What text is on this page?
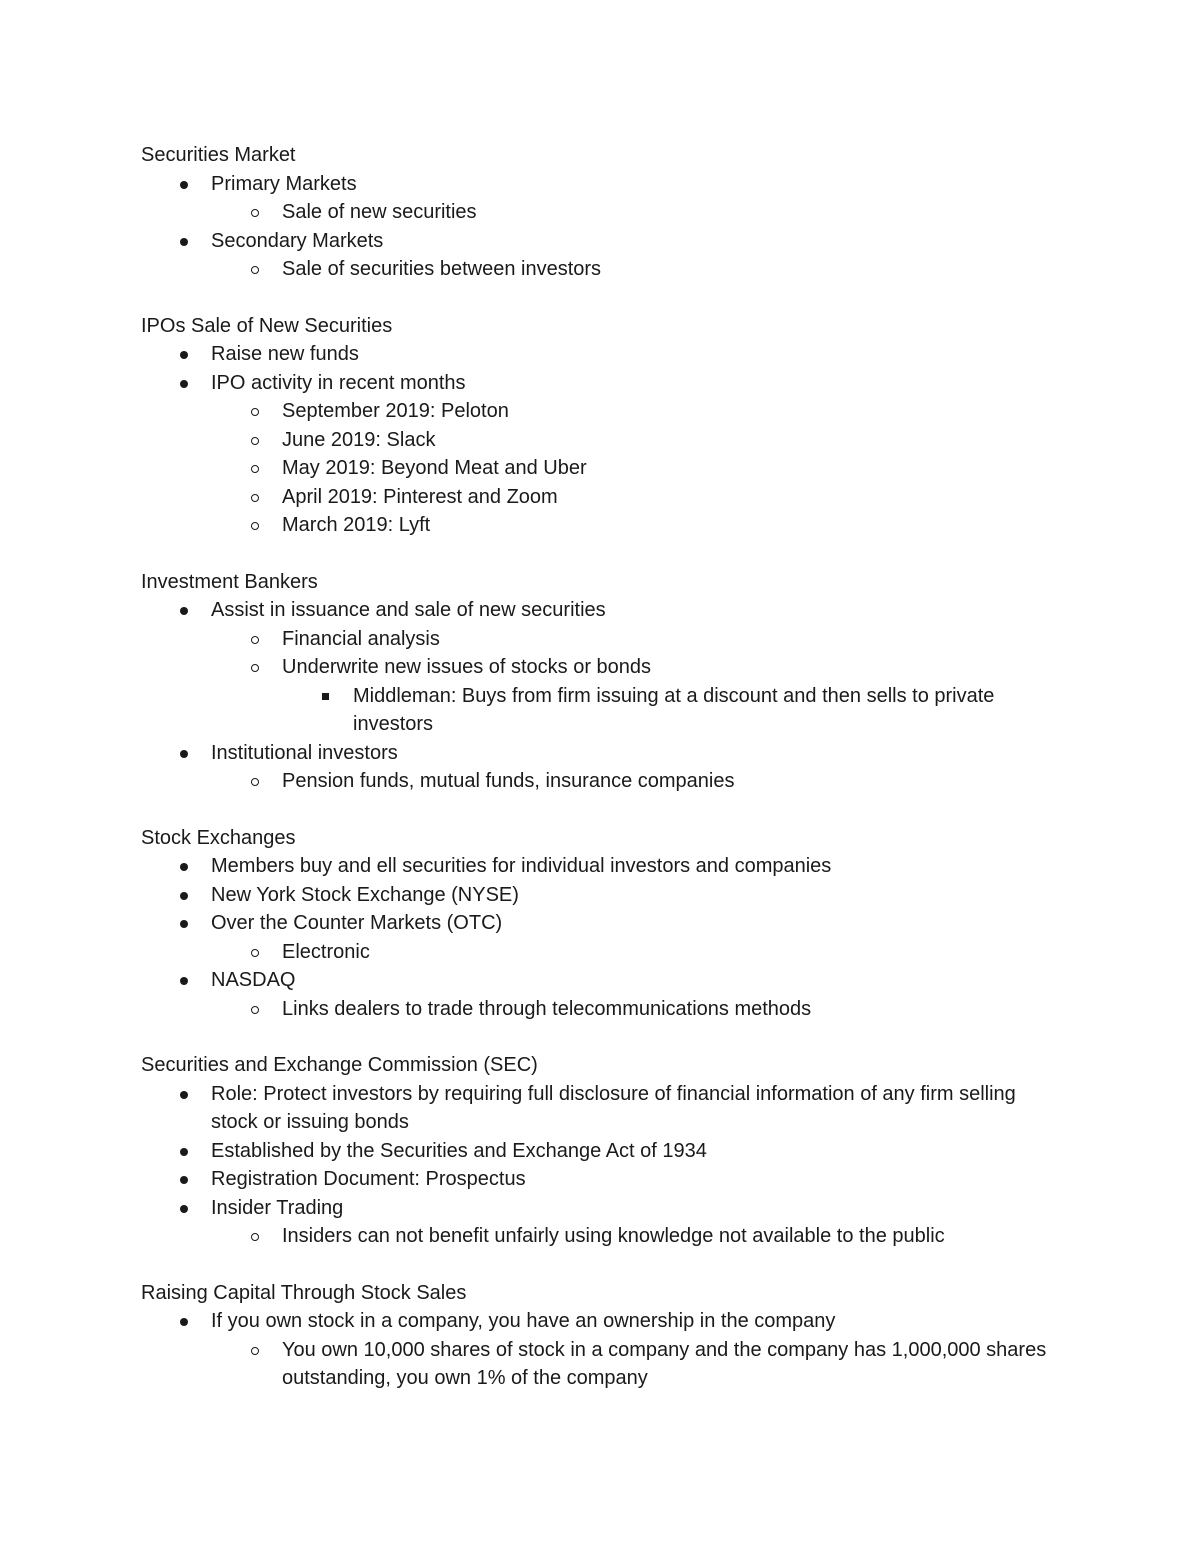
Securities Market
Primary Markets
Sale of new securities
Secondary Markets
Sale of securities between investors
IPOs Sale of New Securities
Raise new funds
IPO activity in recent months
September 2019: Peloton
June 2019: Slack
May 2019: Beyond Meat and Uber
April 2019: Pinterest and Zoom
March 2019: Lyft
Investment Bankers
Assist in issuance and sale of new securities
Financial analysis
Underwrite new issues of stocks or bonds
Middleman: Buys from firm issuing at a discount and then sells to private investors
Institutional investors
Pension funds, mutual funds, insurance companies
Stock Exchanges
Members buy and ell securities for individual investors and companies
New York Stock Exchange (NYSE)
Over the Counter Markets (OTC)
Electronic
NASDAQ
Links dealers to trade through telecommunications methods
Securities and Exchange Commission (SEC)
Role: Protect investors by requiring full disclosure of financial information of any firm selling stock or issuing bonds
Established by the Securities and Exchange Act of 1934
Registration Document: Prospectus
Insider Trading
Insiders can not benefit unfairly using knowledge not available to the public
Raising Capital Through Stock Sales
If you own stock in a company, you have an ownership in the company
You own 10,000 shares of stock in a company and the company has 1,000,000 shares outstanding, you own 1% of the company
